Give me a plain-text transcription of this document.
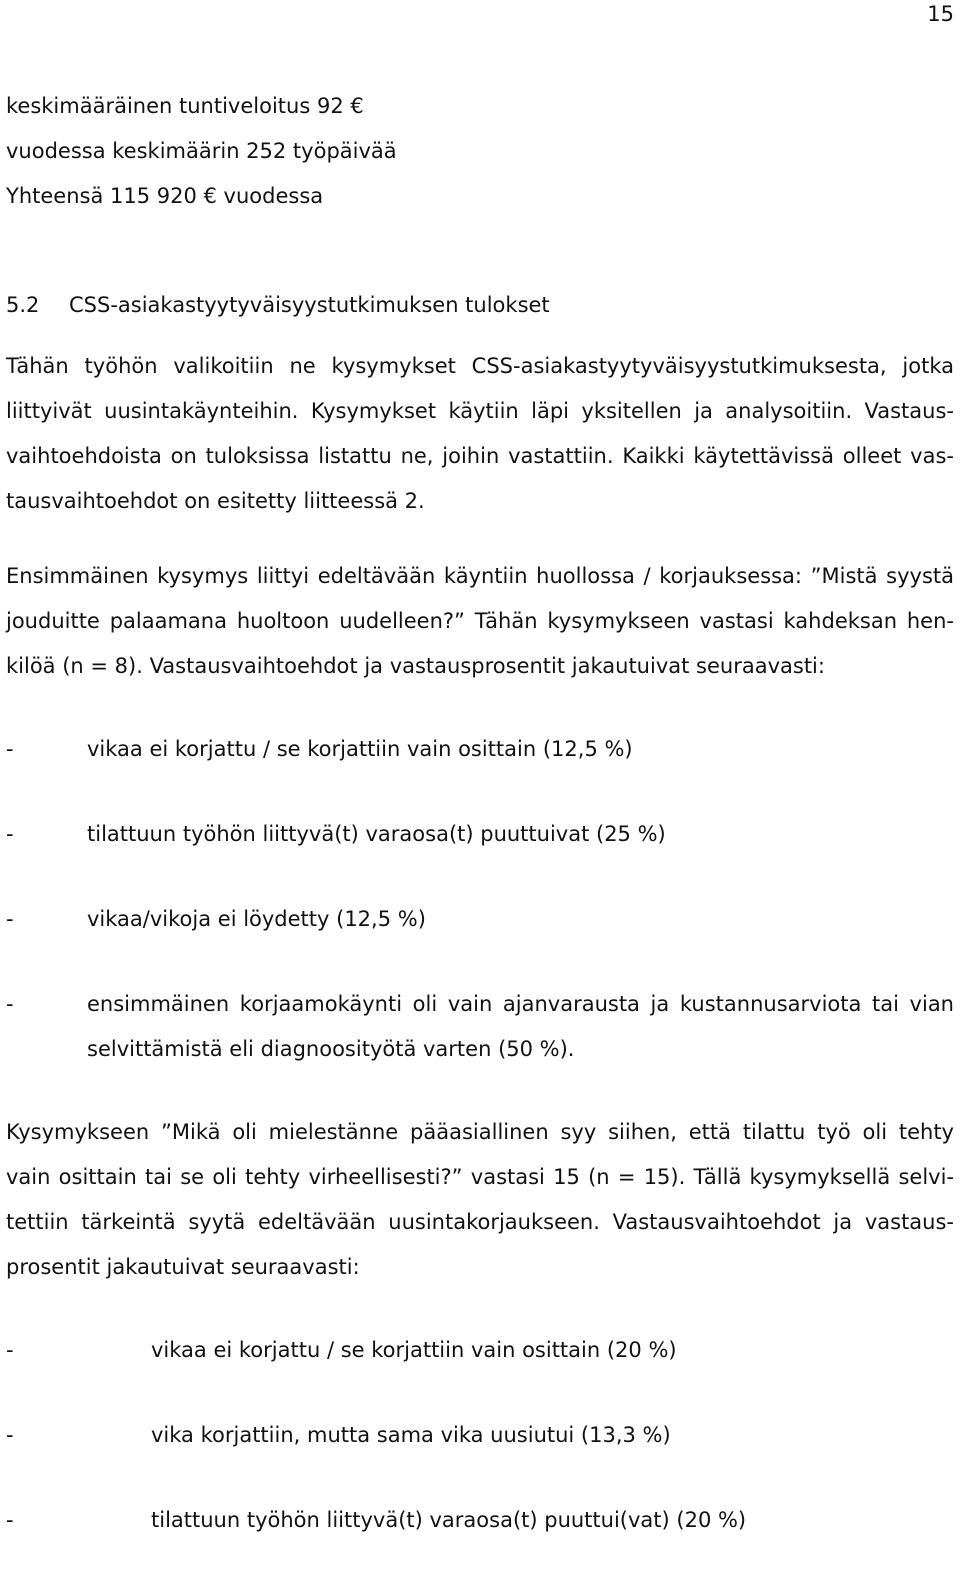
15
keskimääräinen tuntiveloitus 92 €
vuodessa keskimäärin 252 työpäivää
Yhteensä 115 920 € vuodessa
5.2	CSS-asiakastyytyväisyystutkimuksen tulokset
Tähän työhön valikoitiin ne kysymykset CSS-asiakastyytyväisyystutkimuksesta, jotka
liittyivät uusintakäynteihin. Kysymykset käytiin läpi yksitellen ja analysoitiin. Vastaus-
vaihtoehdoista on tuloksissa listattu ne, joihin vastattiin. Kaikki käytettävissä olleet vas-
tausvaihtoehdot on esitetty liitteessä 2.
Ensimmäinen kysymys liittyi edeltävään käyntiin huollossa / korjauksessa: ”Mistä syystä
jouduitte palaamana huoltoon uudelleen?” Tähän kysymykseen vastasi kahdeksan hen-
kilöä (n = 8). Vastausvaihtoehdot ja vastausprosentit jakautuivat seuraavasti:
-	vikaa ei korjattu / se korjattiin vain osittain (12,5 %)
-	tilattuun työhön liittyvä(t) varaosa(t) puuttuivat (25 %)
-	vikaa/vikoja ei löydetty (12,5 %)
-	ensimmäinen korjaamokäynti oli vain ajanvarausta ja kustannusarviota tai vian
selvittämistä eli diagnoosityötä varten (50 %).
Kysymykseen ”Mikä oli mielestänne pääasiallinen syy siihen, että tilattu työ oli tehty
vain osittain tai se oli tehty virheellisesti?” vastasi 15 (n = 15). Tällä kysymyksellä selvi-
tettiin tärkeintä syytä edeltävään uusintakorjaukseen. Vastausvaihtoehdot ja vastaus-
prosentit jakautuivat seuraavasti:
-	vikaa ei korjattu / se korjattiin vain osittain (20 %)
-	vika korjattiin, mutta sama vika uusiutui (13,3 %)
-	tilattuun työhön liittyvä(t) varaosa(t) puuttui(vat) (20 %)
